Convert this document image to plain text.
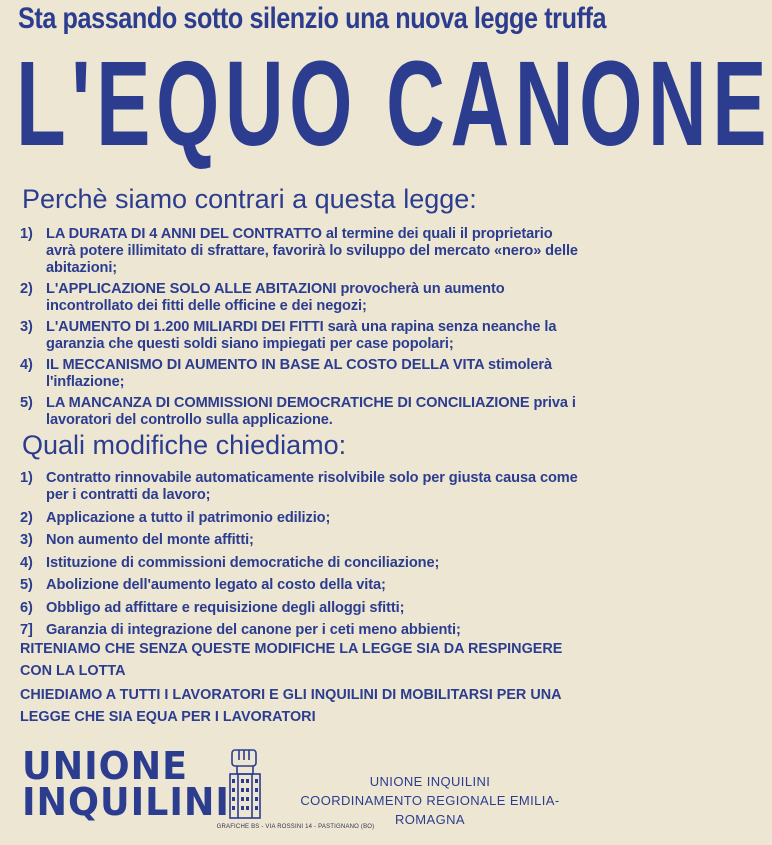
Sta passando sotto silenzio una nuova legge truffa
L'EQUO CANONE
Perchè siamo contrari a questa legge:
1) LA DURATA DI 4 ANNI DEL CONTRATTO al termine dei quali il proprietario avrà potere illimitato di sfrattare, favorirà lo sviluppo del mercato «nero» delle abitazioni;
2) L'APPLICAZIONE SOLO ALLE ABITAZIONI provocherà un aumento incontrollato dei fitti delle officine e dei negozi;
3) L'AUMENTO DI 1.200 MILIARDI DEI FITTI sarà una rapina senza neanche la garanzia che questi soldi siano impiegati per case popolari;
4) IL MECCANISMO DI AUMENTO IN BASE AL COSTO DELLA VITA stimolerà l'inflazione;
5) LA MANCANZA DI COMMISSIONI DEMOCRATICHE DI CONCILIAZIONE priva i lavoratori del controllo sulla applicazione.
Quali modifiche chiediamo:
1) Contratto rinnovabile automaticamente risolvibile solo per giusta causa come per i contratti da lavoro;
2) Applicazione a tutto il patrimonio edilizio;
3) Non aumento del monte affitti;
4) Istituzione di commissioni democratiche di conciliazione;
5) Abolizione dell'aumento legato al costo della vita;
6) Obbligo ad affittare e requisizione degli alloggi sfitti;
7] Garanzia di integrazione del canone per i ceti meno abbienti;
RITENIAMO CHE SENZA QUESTE MODIFICHE LA LEGGE SIA DA RESPINGERE CON LA LOTTA
CHIEDIAMO A TUTTI I LAVORATORI E GLI INQUILINI DI MOBILITARSI PER UNA LEGGE CHE SIA EQUA PER I LAVORATORI
UNIONE
INQUILINI	UNIONE INQUILINI
COORDINAMENTO REGIONALE EMILIA-ROMAGNA
GRAFICHE BS - VIA ROSSINI 14 - PASTIGNANO (BO)
